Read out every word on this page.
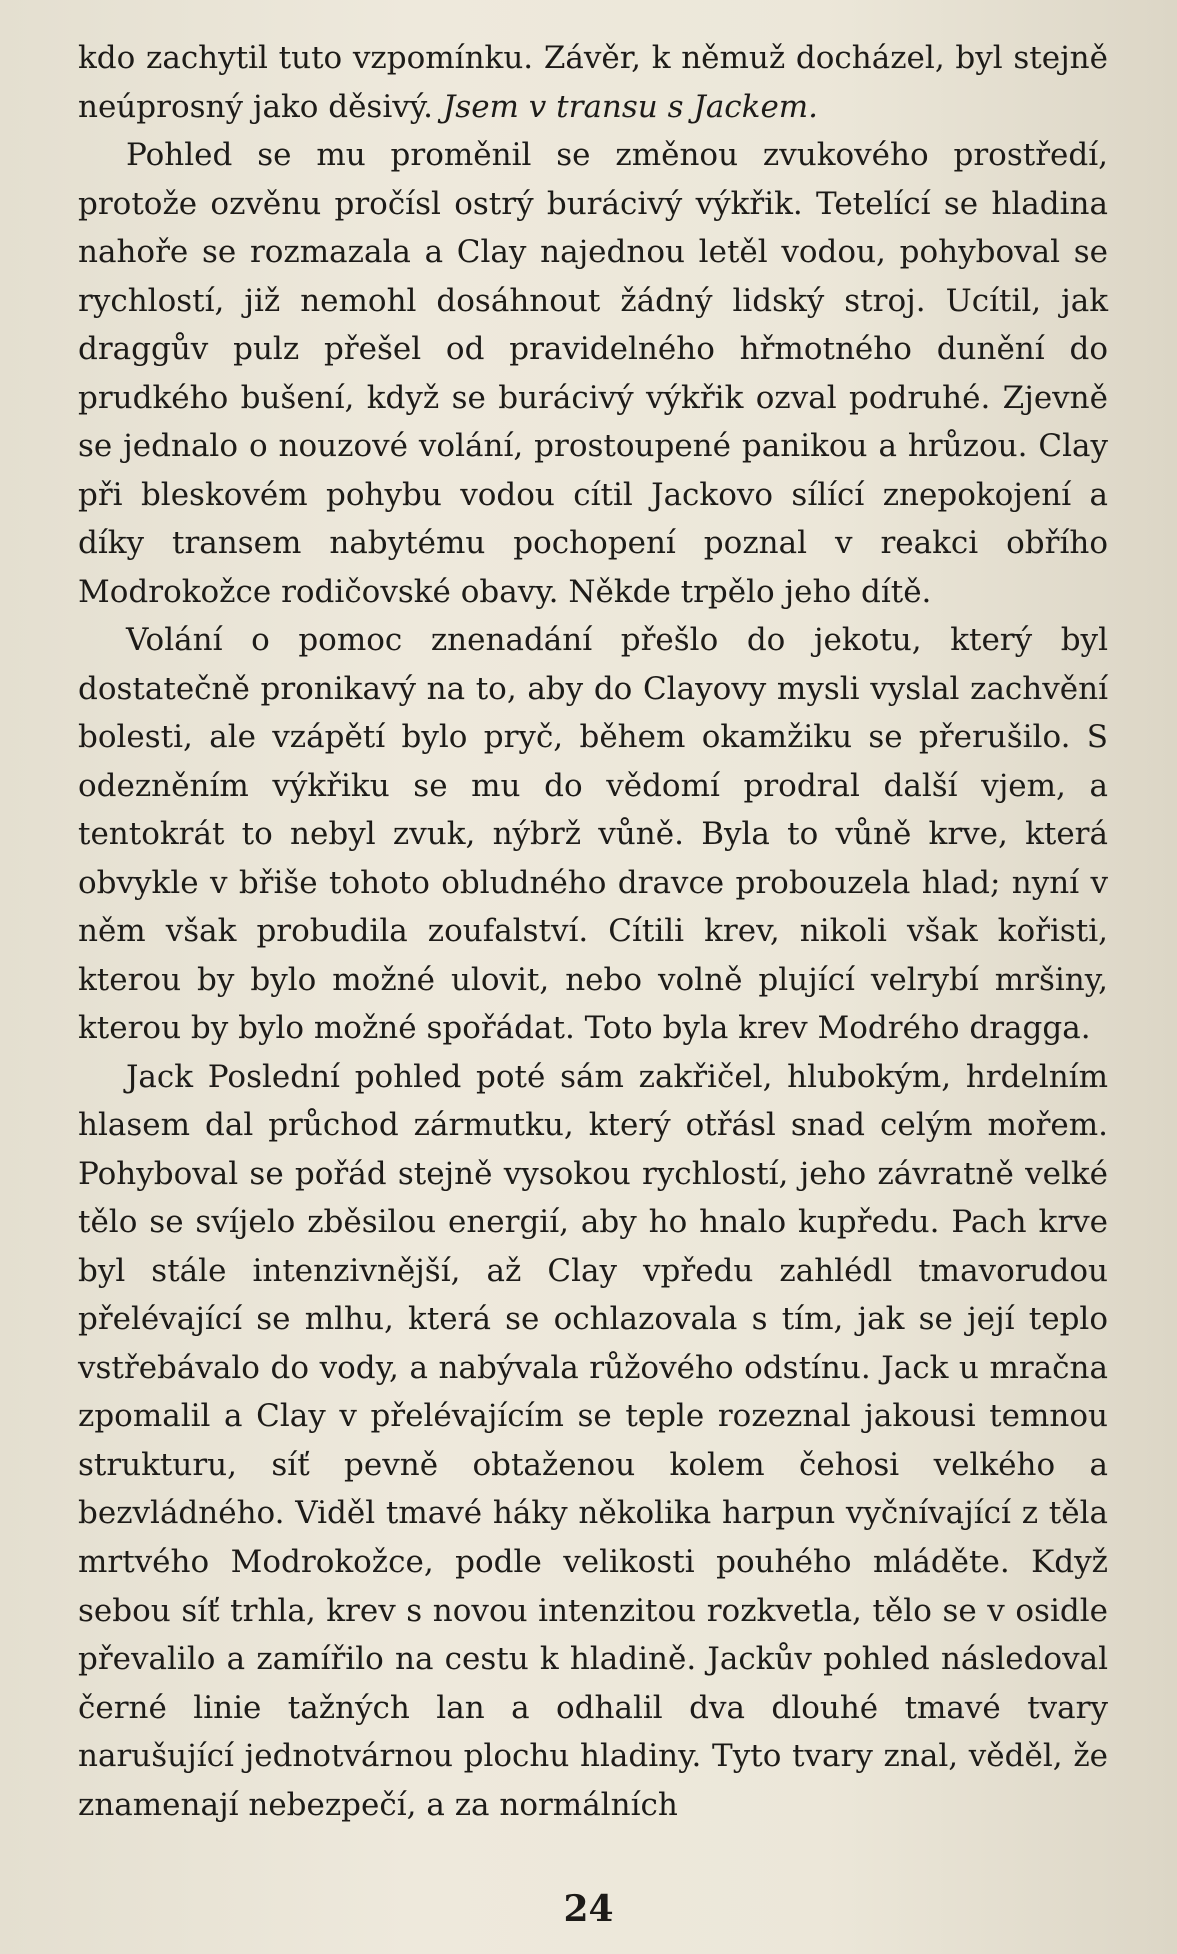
kdo zachytil tuto vzpomínku. Závěr, k němuž docházel, byl stejně neúprosný jako děsivý. Jsem v transu s Jackem.

Pohled se mu proměnil se změnou zvukového prostředí, protože ozvěnu pročísl ostrý burácivý výkřik. Tetelící se hladina nahoře se rozmazala a Clay najednou letěl vodou, pohyboval se rychlostí, již nemohl dosáhnout žádný lidský stroj. Ucítil, jak draggův pulz přešel od pravidelného hřmotného dunění do prudkého bušení, když se burácivý výkřik ozval podruhé. Zjevně se jednalo o nouzové volání, prostoupené panikou a hrůzou. Clay při bleskovém pohybu vodou cítil Jackovo sílící znepokojení a díky transem nabytému pochopení poznal v reakci obřího Modrokožce rodičovské obavy. Někde trpělo jeho dítě.

Volání o pomoc znenadání přešlo do jekotu, který byl dostatečně pronikavý na to, aby do Clayovy mysli vyslal zachvění bolesti, ale vzápětí bylo pryč, během okamžiku se přerušilo. S odezněním výkřiku se mu do vědomí prodral další vjem, a tentokrát to nebyl zvuk, nýbrž vůně. Byla to vůně krve, která obvykle v břiše tohoto obludného dravce probouzela hlad; nyní v něm však probudila zoufalství. Cítili krev, nikoli však kořisti, kterou by bylo možné ulovit, nebo volně plující velrybí mršiny, kterou by bylo možné spořádat. Toto byla krev Modrého dragga.

Jack Poslední pohled poté sám zakřičel, hlubokým, hrdelním hlasem dal průchod zármutku, který otřásl snad celým mořem. Pohyboval se pořád stejně vysokou rychlostí, jeho závratně velké tělo se svíjelo zběsilou energií, aby ho hnalo kupředu. Pach krve byl stále intenzivnější, až Clay vpředu zahlédl tmavorudou přelévající se mlhu, která se ochlazovala s tím, jak se její teplo vstřebávalo do vody, a nabývala růžového odstínu. Jack u mračna zpomalil a Clay v přelévajícím se teple rozeznal jakousi temnou strukturu, síť pevně obtaženou kolem čehosi velkého a bezvládného. Viděl tmavé háky několika harpun vyčnívající z těla mrtvého Modrokožce, podle velikosti pouhého mláděte. Když sebou síť trhla, krev s novou intenzitou rozkvetla, tělo se v osidle převalilo a zamířilo na cestu k hladině. Jackův pohled následoval černé linie tažných lan a odhalil dva dlouhé tmavé tvary narušující jednotvárnou plochu hladiny. Tyto tvary znal, věděl, že znamenají nebezpečí, a za normálních

24
